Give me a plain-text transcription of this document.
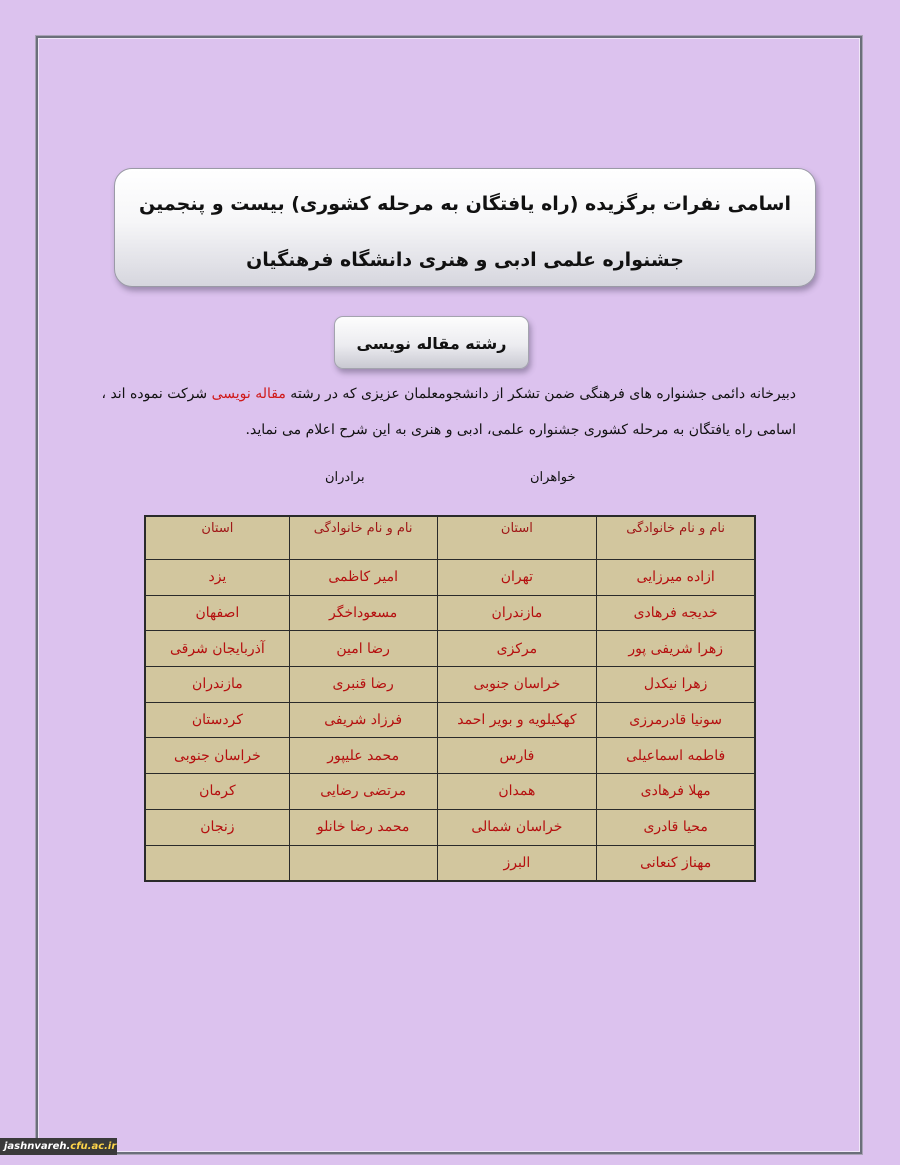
اسامی نفرات برگزیده (راه یافتگان به مرحله کشوری) بیست و پنجمین
جشنواره علمی ادبی و هنری دانشگاه فرهنگیان
رشته مقاله نویسی
دبیرخانه دائمی جشنواره های فرهنگی ضمن تشکر از دانشجومعلمان عزیزی که در رشته مقاله نویسی شرکت نموده اند ،
اسامی راه یافتگان به مرحله کشوری جشنواره علمی، ادبی و هنری به این شرح اعلام می نماید.
خواهران
برادران
نام و نام خانوادگی	استان	نام و نام خانوادگی	استان
ازاده میرزایی	تهران	امیر کاظمی	یزد
خدیجه فرهادی	مازندران	مسعوداخگر	اصفهان
زهرا شریفی پور	مرکزی	رضا امین	آذربایجان شرقی
زهرا نیکدل	خراسان جنوبی	رضا قنبری	مازندران
سونیا قادرمرزی	کهکیلویه و بویر احمد	فرزاد شریفی	کردستان
فاطمه اسماعیلی	فارس	محمد علیپور	خراسان جنوبی
مهلا فرهادی	همدان	مرتضی رضایی	کرمان
محیا قادری	خراسان شمالی	محمد رضا خانلو	زنجان
مهناز کنعانی	البرز		
jashnvareh.cfu.ac.ir
